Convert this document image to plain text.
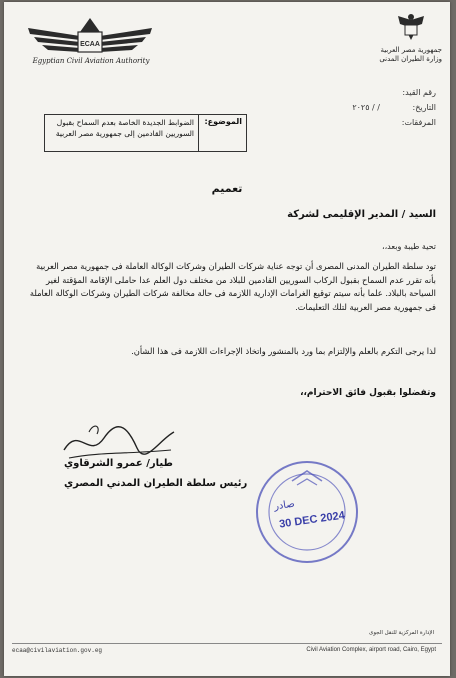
ECAA
Egyptian Civil Aviation Authority
جمهورية مصر العربية
وزارة الطيران المدنى
رقم القيد:
التاريخ: / / ٢٠٢٥
المرفقات:
الموضوع:
الضوابط الجديدة الخاصة بعدم السماح بقبول السوريين القادمين إلى جمهورية مصر العربية
تعميم
السيد / المدير الإقليمى لشركة
تحية طيبة وبعد،،
تود سلطة الطيران المدنى المصرى أن توجه عناية شركات الطيران وشركات الوكالة العاملة فى جمهورية مصر العربية بأنه تقرر عدم السماح بقبول الركاب السوريين القادمين للبلاد من مختلف دول العلم عدا حاملى الإقامة المؤقتة لغير السياحة بالبلاد. علما بأنه سيتم توقيع الغرامات الإدارية اللازمة فى حالة مخالفة شركات الطيران وشركات الوكالة العاملة فى جمهورية مصر العربية لتلك التعليمات.
لذا يرجى التكرم بالعلم والإلتزام بما ورد بالمنشور واتخاذ الإجراءات اللازمة فى هذا الشأن.
وتفضلوا بقبول فائق الاحترام،،
طيار/ عمرو الشرقاوي
رئيس سلطة الطيران المدني المصري
صادر
30 DEC 2024
الإدارة المركزية للنقل الجوى
ecaa@civilaviation.gov.eg	Civil Aviation Complex, airport road, Cairo, Egypt
